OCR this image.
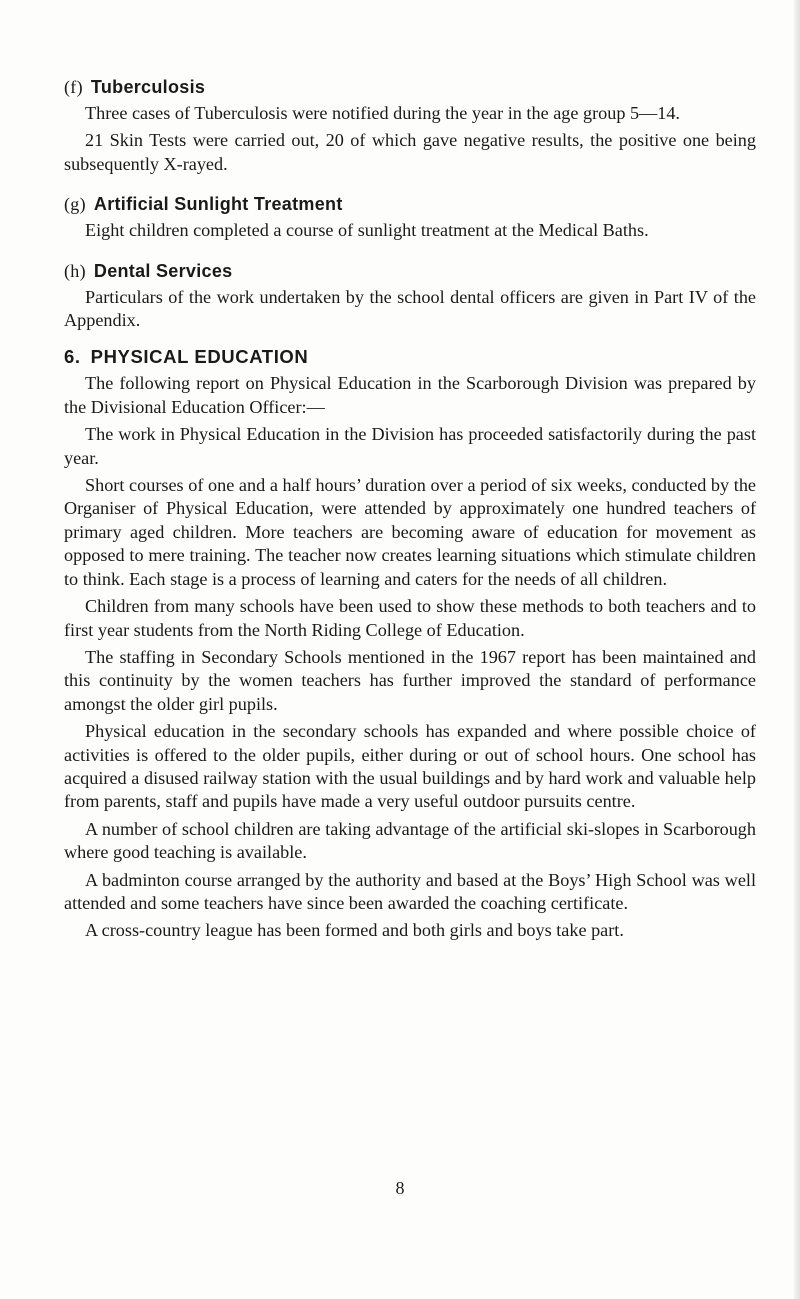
(f) Tuberculosis

Three cases of Tuberculosis were notified during the year in the age group 5—14.

21 Skin Tests were carried out, 20 of which gave negative results, the positive one being subsequently X-rayed.

(g) Artificial Sunlight Treatment

Eight children completed a course of sunlight treatment at the Medical Baths.

(h) Dental Services

Particulars of the work undertaken by the school dental officers are given in Part IV of the Appendix.

6. PHYSICAL EDUCATION

The following report on Physical Education in the Scarborough Division was prepared by the Divisional Education Officer:—

The work in Physical Education in the Division has proceeded satisfactorily during the past year.

Short courses of one and a half hours’ duration over a period of six weeks, conducted by the Organiser of Physical Education, were attended by approximately one hundred teachers of primary aged children. More teachers are becoming aware of education for movement as opposed to mere training. The teacher now creates learning situations which stimulate children to think. Each stage is a process of learning and caters for the needs of all children.

Children from many schools have been used to show these methods to both teachers and to first year students from the North Riding College of Education.

The staffing in Secondary Schools mentioned in the 1967 report has been maintained and this continuity by the women teachers has further improved the standard of performance amongst the older girl pupils.

Physical education in the secondary schools has expanded and where possible choice of activities is offered to the older pupils, either during or out of school hours. One school has acquired a disused railway station with the usual buildings and by hard work and valuable help from parents, staff and pupils have made a very useful outdoor pursuits centre.

A number of school children are taking advantage of the artificial ski-slopes in Scarborough where good teaching is available.

A badminton course arranged by the authority and based at the Boys’ High School was well attended and some teachers have since been awarded the coaching certificate.

A cross-country league has been formed and both girls and boys take part.

8
